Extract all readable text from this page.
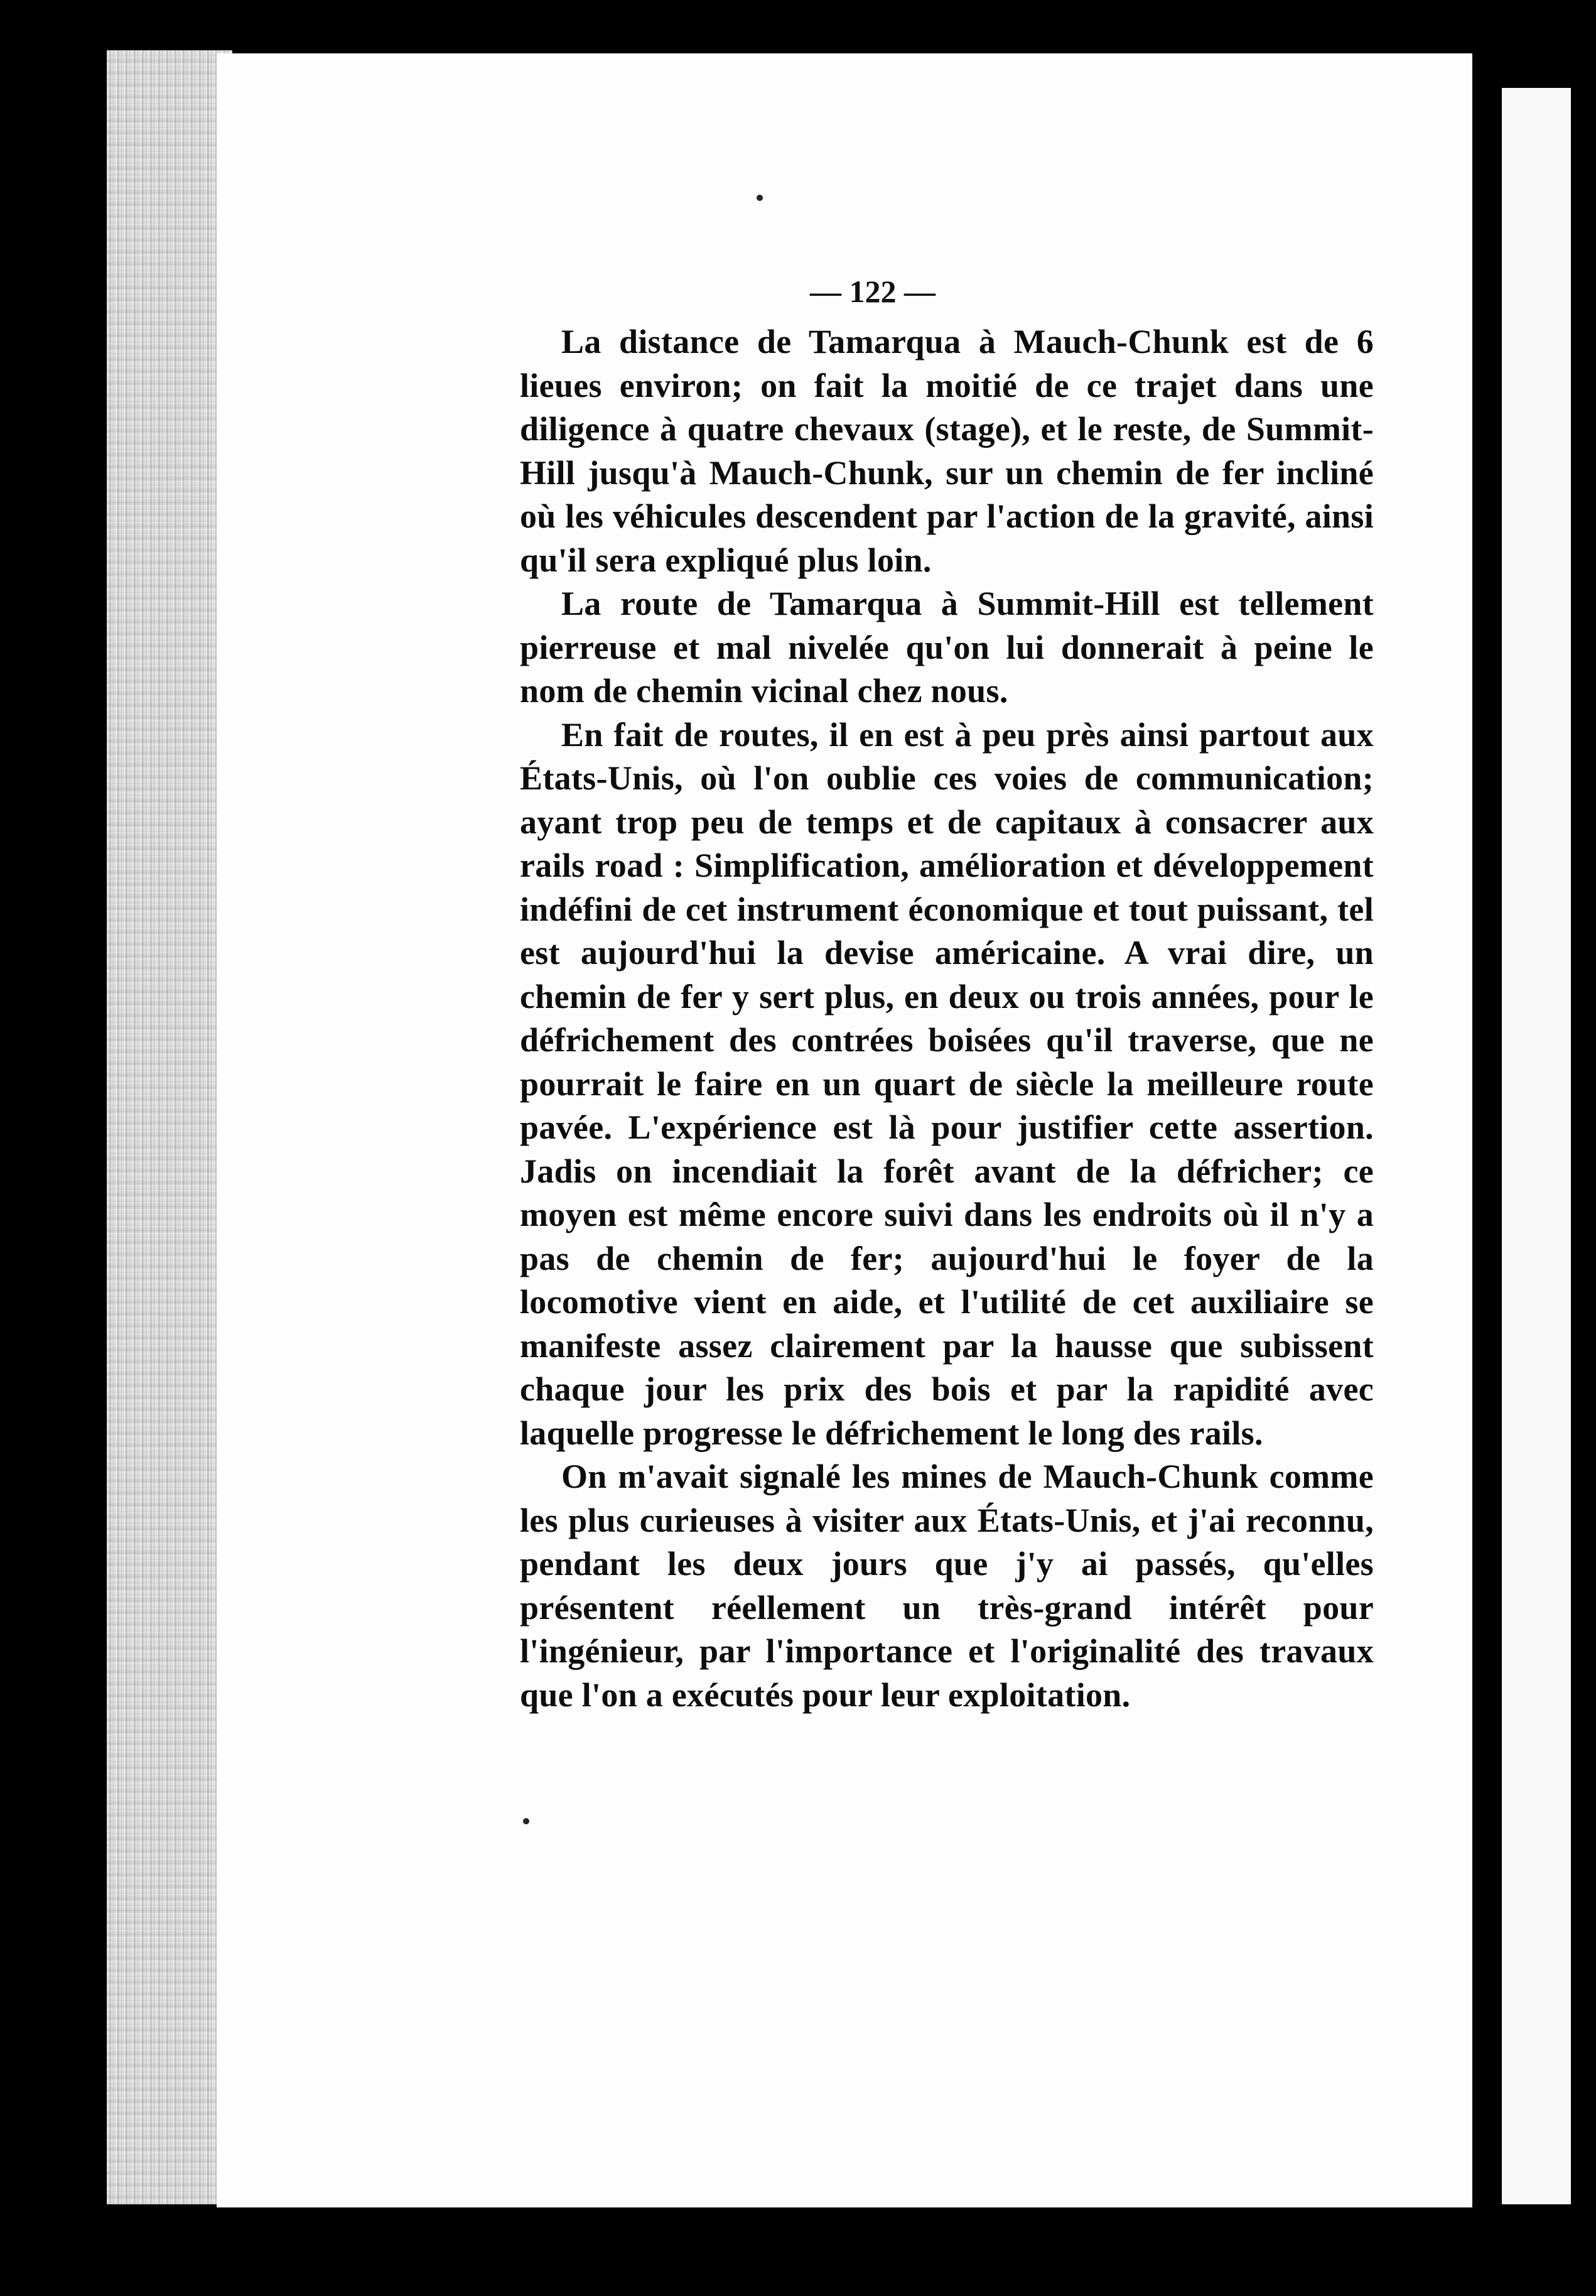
— 122 —

La distance de Tamarqua à Mauch-Chunk est de 6 lieues environ; on fait la moitié de ce trajet dans une diligence à quatre chevaux (stage), et le reste, de Summit-Hill jusqu'à Mauch-Chunk, sur un chemin de fer incliné où les véhicules descendent par l'action de la gravité, ainsi qu'il sera expliqué plus loin.

La route de Tamarqua à Summit-Hill est tellement pierreuse et mal nivelée qu'on lui donnerait à peine le nom de chemin vicinal chez nous.

En fait de routes, il en est à peu près ainsi partout aux États-Unis, où l'on oublie ces voies de communication; ayant trop peu de temps et de capitaux à consacrer aux rails road : Simplification, amélioration et développement indéfini de cet instrument économique et tout puissant, tel est aujourd'hui la devise américaine. A vrai dire, un chemin de fer y sert plus, en deux ou trois années, pour le défrichement des contrées boisées qu'il traverse, que ne pourrait le faire en un quart de siècle la meilleure route pavée. L'expérience est là pour justifier cette assertion. Jadis on incendiait la forêt avant de la défricher; ce moyen est même encore suivi dans les endroits où il n'y a pas de chemin de fer; aujourd'hui le foyer de la locomotive vient en aide, et l'utilité de cet auxiliaire se manifeste assez clairement par la hausse que subissent chaque jour les prix des bois et par la rapidité avec laquelle progresse le défrichement le long des rails.

On m'avait signalé les mines de Mauch-Chunk comme les plus curieuses à visiter aux États-Unis, et j'ai reconnu, pendant les deux jours que j'y ai passés, qu'elles présentent réellement un très-grand intérêt pour l'ingénieur, par l'importance et l'originalité des travaux que l'on a exécutés pour leur exploitation.
